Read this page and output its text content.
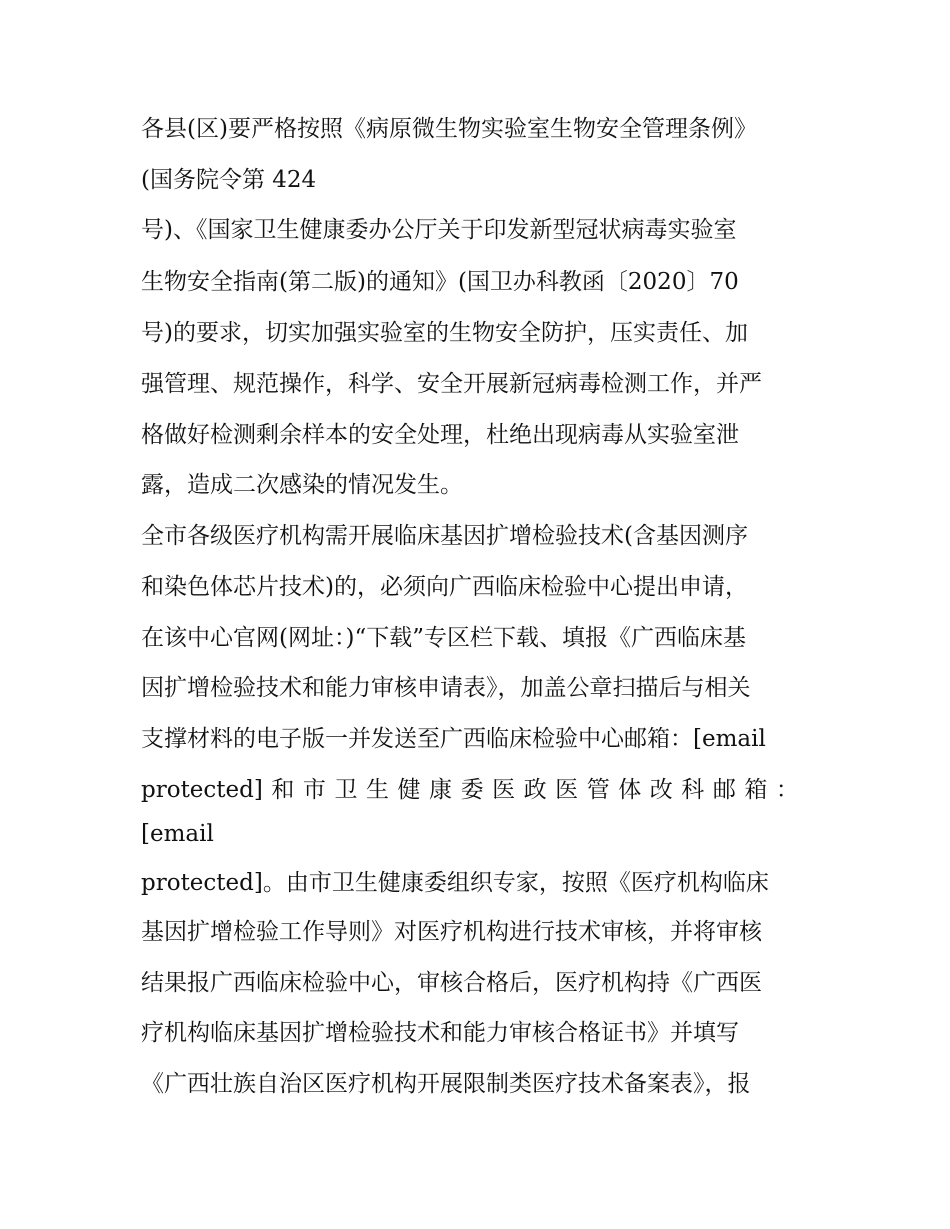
各县(区)要严格按照《病原微生物实验室生物安全管理条例》
(国务院令第 424
号)、《国家卫生健康委办公厅关于印发新型冠状病毒实验室
生物安全指南(第二版)的通知》(国卫办科教函〔2020〕70
号)的要求，切实加强实验室的生物安全防护，压实责任、加
强管理、规范操作，科学、安全开展新冠病毒检测工作，并严
格做好检测剩余样本的安全处理，杜绝出现病毒从实验室泄
露，造成二次感染的情况发生。
全市各级医疗机构需开展临床基因扩增检验技术(含基因测序
和染色体芯片技术)的，必须向广西临床检验中心提出申请，
在该中心官网(网址：)“下载”专区栏下载、填报《广西临床基
因扩增检验技术和能力审核申请表》，加盖公章扫描后与相关
支撑材料的电子版一并发送至广西临床检验中心邮箱：[email
protected] 和 市 卫 生 健 康 委 医 政 医 管 体 改 科 邮 箱 ：
[email
protected]。由市卫生健康委组织专家，按照《医疗机构临床
基因扩增检验工作导则》对医疗机构进行技术审核，并将审核
结果报广西临床检验中心，审核合格后，医疗机构持《广西医
疗机构临床基因扩增检验技术和能力审核合格证书》并填写
《广西壮族自治区医疗机构开展限制类医疗技术备案表》，报
